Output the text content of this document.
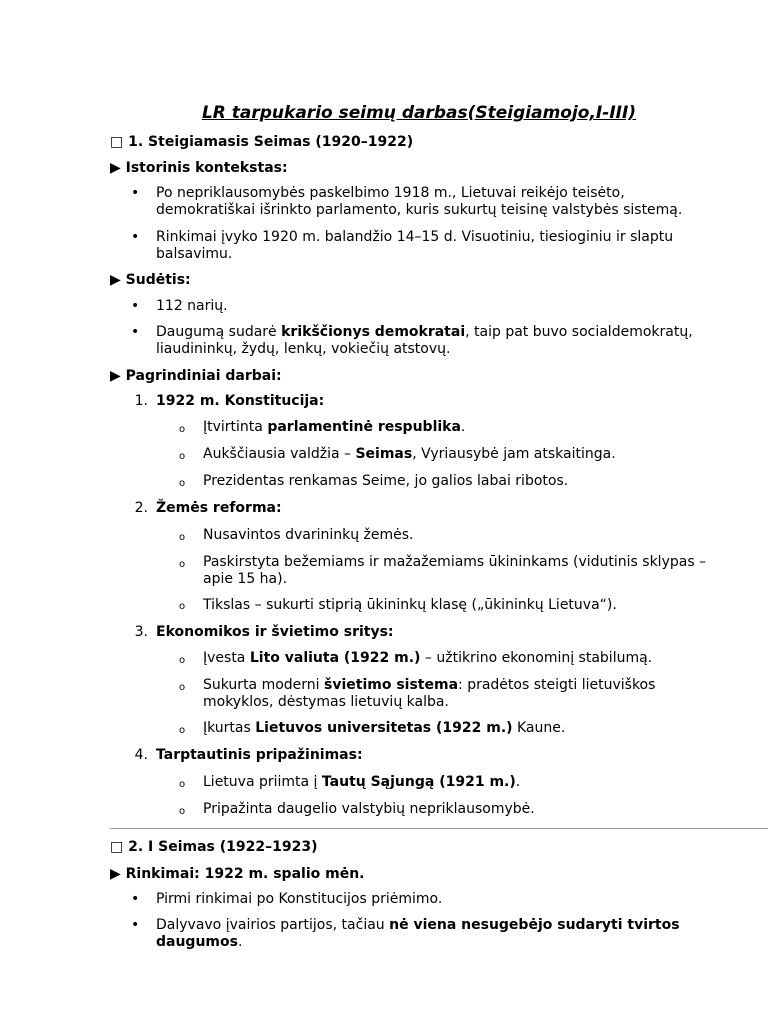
LR tarpukario seimų darbas(Steigiamojo,I-III)
□ 1. Steigiamasis Seimas (1920–1922)
▶ Istorinis kontekstas:
• Po nepriklausomybės paskelbimo 1918 m., Lietuvai reikėjo teisėto, demokratiškai išrinkto parlamento, kuris sukurtų teisinę valstybės sistemą.
• Rinkimai įvyko 1920 m. balandžio 14–15 d. Visuotiniu, tiesioginiu ir slaptu balsavimu.
▶ Sudėtis:
• 112 narių.
• Daugumą sudarė krikščionys demokratai, taip pat buvo socialdemokratų, liaudininkų, žydų, lenkų, vokiečių atstovų.
▶ Pagrindiniai darbai:
1. 1922 m. Konstitucija:
o Įtvirtinta parlamentinė respublika.
o Aukščiausia valdžia – Seimas, Vyriausybė jam atskaitinga.
o Prezidentas renkamas Seime, jo galios labai ribotos.
2. Žemės reforma:
o Nusavintos dvarininkų žemės.
o Paskirstyta bežemiams ir mažažemiams ūkininkams (vidutinis sklypas – apie 15 ha).
o Tikslas – sukurti stiprią ūkininkų klasę („ūkininkų Lietuva“).
3. Ekonomikos ir švietimo sritys:
o Įvesta Lito valiuta (1922 m.) – užtikrino ekonominį stabilumą.
o Sukurta moderni švietimo sistema: pradėtos steigti lietuviškos mokyklos, dėstymas lietuvių kalba.
o Įkurtas Lietuvos universitetas (1922 m.) Kaune.
4. Tarptautinis pripažinimas:
o Lietuva priimta į Tautų Sąjungą (1921 m.).
o Pripažinta daugelio valstybių nepriklausomybė.
□ 2. I Seimas (1922–1923)
▶ Rinkimai: 1922 m. spalio mėn.
• Pirmi rinkimai po Konstitucijos priėmimo.
• Dalyvavo įvairios partijos, tačiau nė viena nesugebėjo sudaryti tvirtos daugumos.
